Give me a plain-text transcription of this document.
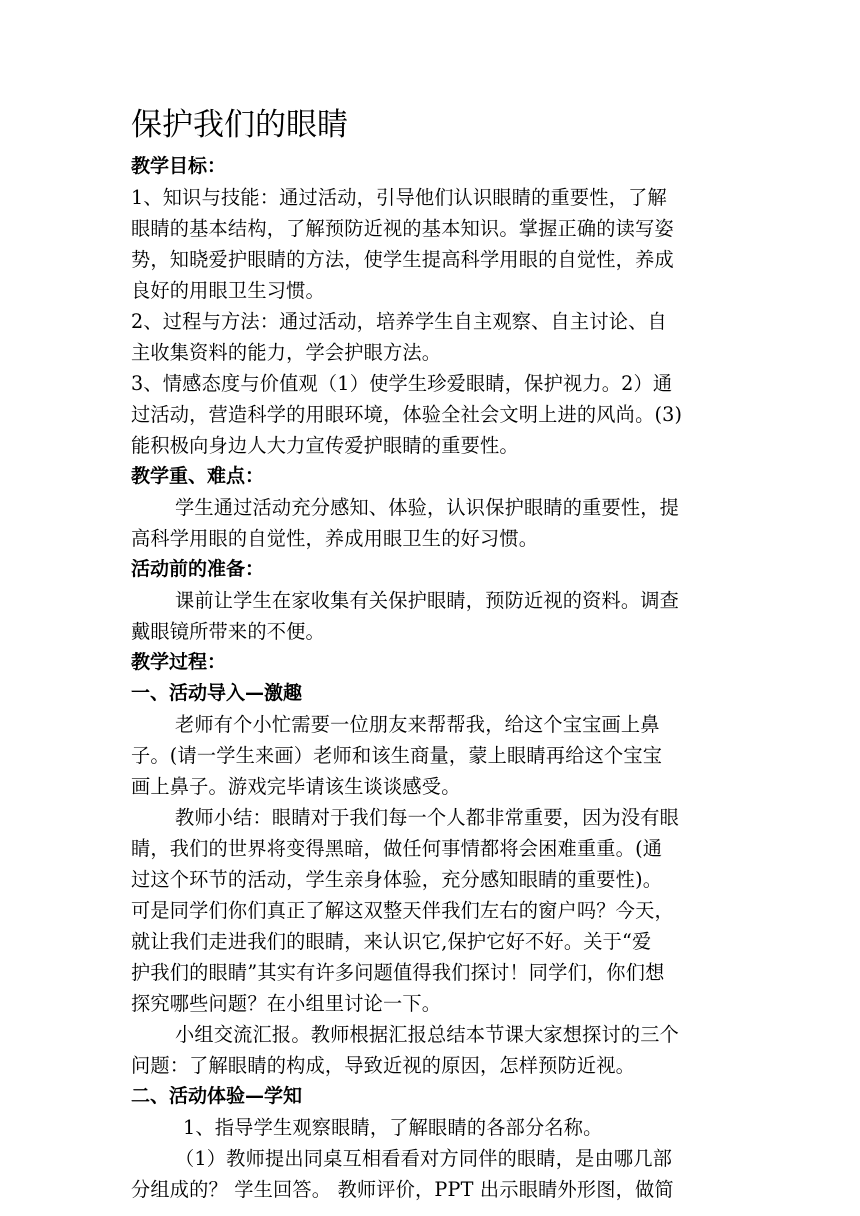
保护我们的眼睛

教学目标：

1、知识与技能：通过活动，引导他们认识眼睛的重要性，了解

眼睛的基本结构，了解预防近视的基本知识。掌握正确的读写姿

势，知晓爱护眼睛的方法，使学生提高科学用眼的自觉性，养成

良好的用眼卫生习惯。

2、过程与方法：通过活动，培养学生自主观察、自主讨论、自

主收集资料的能力，学会护眼方法。

3、情感态度与价值观（1）使学生珍爱眼睛，保护视力。2）通

过活动，营造科学的用眼环境，体验全社会文明上进的风尚。(3)

能积极向身边人大力宣传爱护眼睛的重要性。

教学重、难点：

学生通过活动充分感知、体验，认识保护眼睛的重要性，提

高科学用眼的自觉性，养成用眼卫生的好习惯。

活动前的准备：

课前让学生在家收集有关保护眼睛，预防近视的资料。调查

戴眼镜所带来的不便。

教学过程：

一、活动导入—激趣

老师有个小忙需要一位朋友来帮帮我，给这个宝宝画上鼻

子。(请一学生来画）老师和该生商量，蒙上眼睛再给这个宝宝

画上鼻子。游戏完毕请该生谈谈感受。

教师小结：眼睛对于我们每一个人都非常重要，因为没有眼

睛，我们的世界将变得黑暗，做任何事情都将会困难重重。(通

过这个环节的活动，学生亲身体验，充分感知眼睛的重要性)。

可是同学们你们真正了解这双整天伴我们左右的窗户吗？今天，

就让我们走进我们的眼睛，来认识它,保护它好不好。关于“爱

护我们的眼睛”其实有许多问题值得我们探讨！同学们，你们想

探究哪些问题？在小组里讨论一下。

小组交流汇报。教师根据汇报总结本节课大家想探讨的三个

问题：了解眼睛的构成，导致近视的原因，怎样预防近视。

二、活动体验—学知

1、指导学生观察眼睛，了解眼睛的各部分名称。

（1）教师提出同桌互相看看对方同伴的眼睛，是由哪几部

分组成的？ 学生回答。 教师评价，PPT 出示眼睛外形图，做简
